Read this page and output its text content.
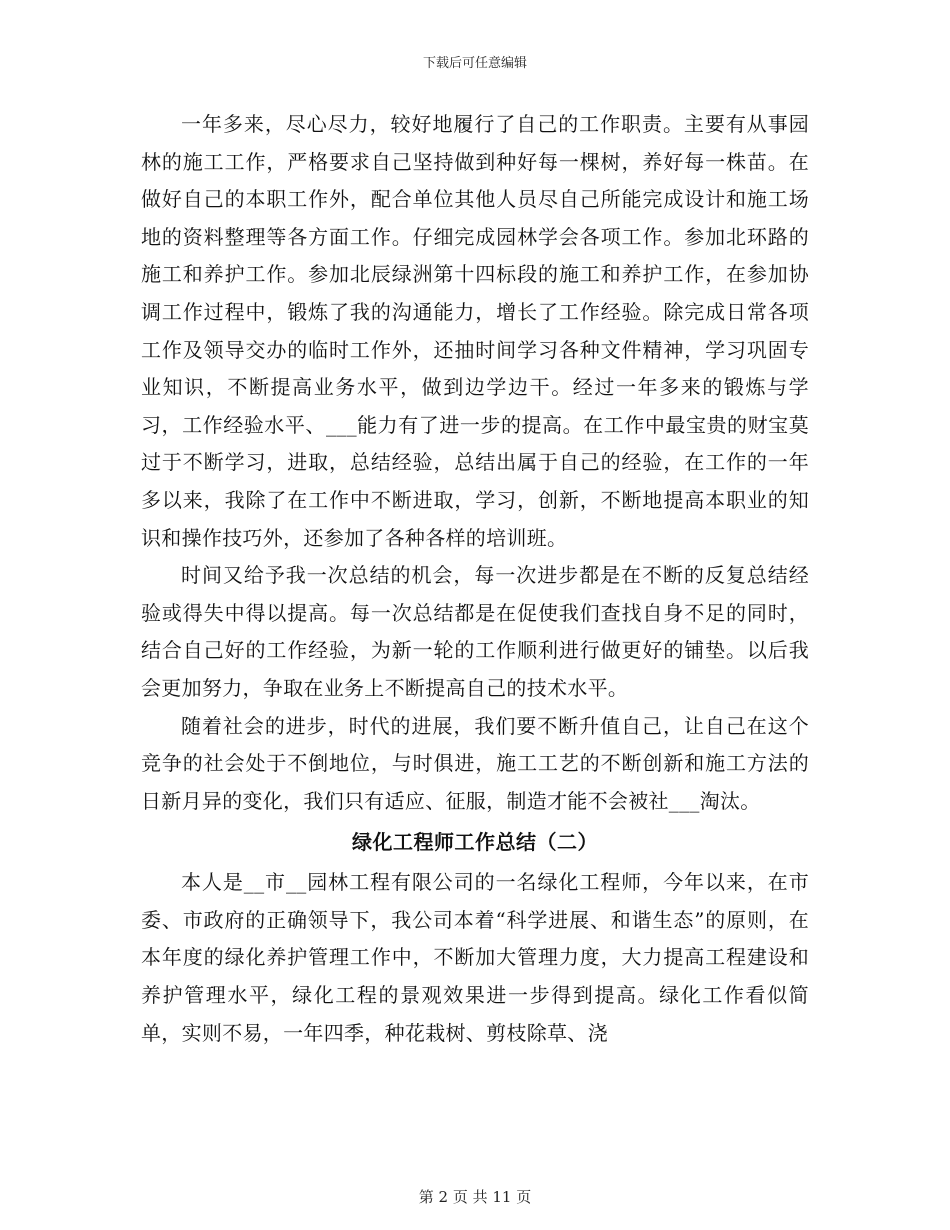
下载后可任意编辑

一年多来，尽心尽力，较好地履行了自己的工作职责。主要有从事园林的施工工作，严格要求自己坚持做到种好每一棵树，养好每一株苗。在做好自己的本职工作外，配合单位其他人员尽自己所能完成设计和施工场地的资料整理等各方面工作。仔细完成园林学会各项工作。参加北环路的施工和养护工作。参加北辰绿洲第十四标段的施工和养护工作，在参加协调工作过程中，锻炼了我的沟通能力，增长了工作经验。除完成日常各项工作及领导交办的临时工作外，还抽时间学习各种文件精神，学习巩固专业知识，不断提高业务水平，做到边学边干。经过一年多来的锻炼与学习，工作经验水平、___能力有了进一步的提高。在工作中最宝贵的财宝莫过于不断学习，进取，总结经验，总结出属于自己的经验，在工作的一年多以来，我除了在工作中不断进取，学习，创新，不断地提高本职业的知识和操作技巧外，还参加了各种各样的培训班。

时间又给予我一次总结的机会，每一次进步都是在不断的反复总结经验或得失中得以提高。每一次总结都是在促使我们查找自身不足的同时，结合自己好的工作经验，为新一轮的工作顺利进行做更好的铺垫。以后我会更加努力，争取在业务上不断提高自己的技术水平。

随着社会的进步，时代的进展，我们要不断升值自己，让自己在这个竞争的社会处于不倒地位，与时俱进，施工工艺的不断创新和施工方法的日新月异的变化，我们只有适应、征服，制造才能不会被社___淘汰。

绿化工程师工作总结（二）

本人是__市__园林工程有限公司的一名绿化工程师，今年以来，在市委、市政府的正确领导下，我公司本着“科学进展、和谐生态”的原则，在本年度的绿化养护管理工作中，不断加大管理力度，大力提高工程建设和养护管理水平，绿化工程的景观效果进一步得到提高。绿化工作看似简单，实则不易，一年四季，种花栽树、剪枝除草、浇

第 2 页 共 11 页
